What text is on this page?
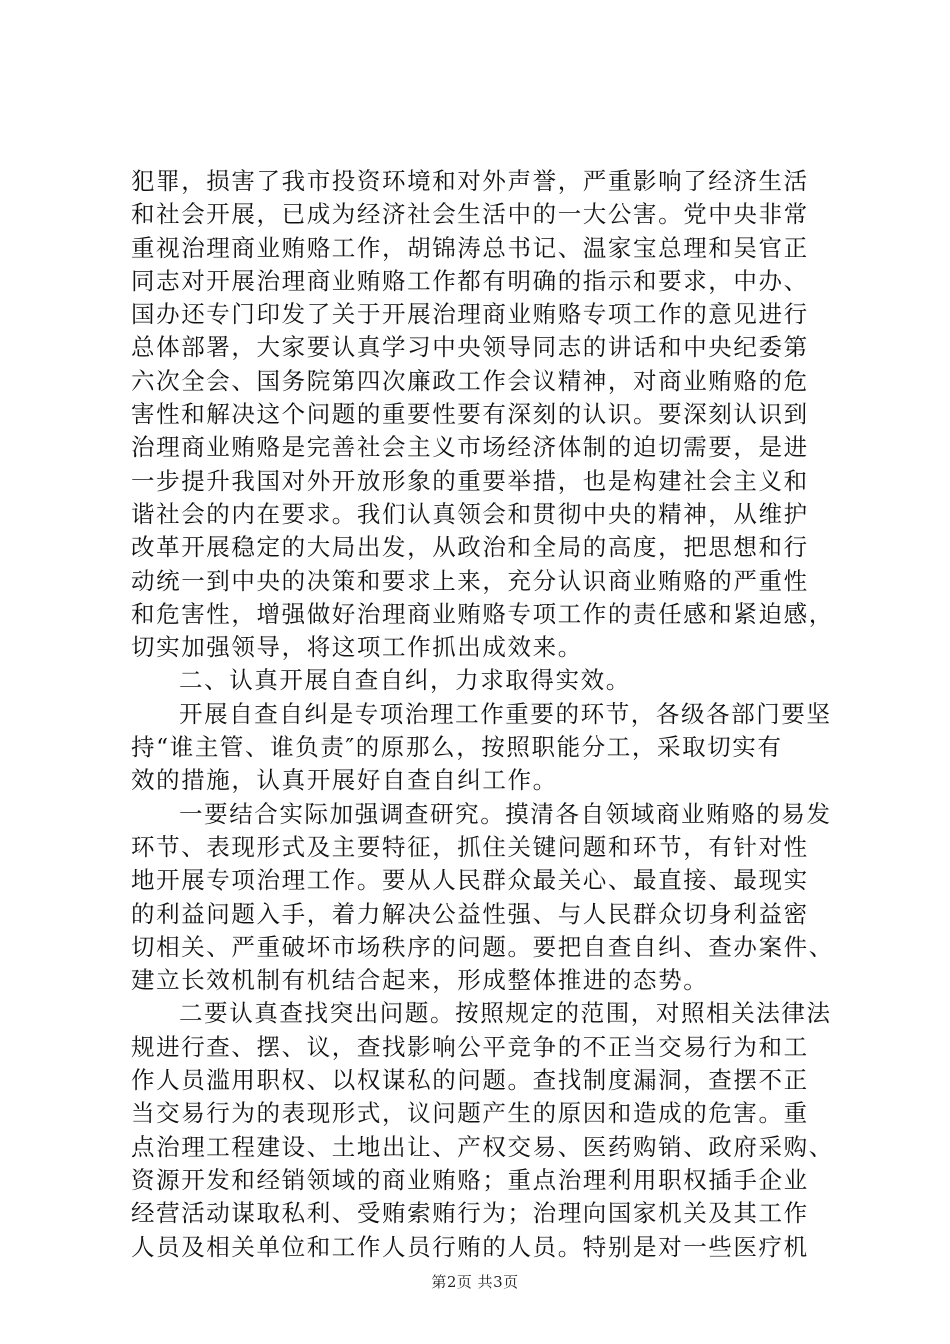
犯罪，损害了我市投资环境和对外声誉，严重影响了经济生活
和社会开展，已成为经济社会生活中的一大公害。党中央非常
重视治理商业贿赂工作，胡锦涛总书记、温家宝总理和吴官正
同志对开展治理商业贿赂工作都有明确的指示和要求，中办、
国办还专门印发了关于开展治理商业贿赂专项工作的意见进行
总体部署，大家要认真学习中央领导同志的讲话和中央纪委第
六次全会、国务院第四次廉政工作会议精神，对商业贿赂的危
害性和解决这个问题的重要性要有深刻的认识。要深刻认识到
治理商业贿赂是完善社会主义市场经济体制的迫切需要，是进
一步提升我国对外开放形象的重要举措，也是构建社会主义和
谐社会的内在要求。我们认真领会和贯彻中央的精神，从维护
改革开展稳定的大局出发，从政治和全局的高度，把思想和行
动统一到中央的决策和要求上来，充分认识商业贿赂的严重性
和危害性，增强做好治理商业贿赂专项工作的责任感和紧迫感，
切实加强领导，将这项工作抓出成效来。
二、认真开展自查自纠，力求取得实效。
开展自查自纠是专项治理工作重要的环节，各级各部门要坚
持“谁主管、谁负责″的原那么，按照职能分工，采取切实有
效的措施，认真开展好自查自纠工作。
一要结合实际加强调查研究。摸清各自领域商业贿赂的易发
环节、表现形式及主要特征，抓住关键问题和环节，有针对性
地开展专项治理工作。要从人民群众最关心、最直接、最现实
的利益问题入手，着力解决公益性强、与人民群众切身利益密
切相关、严重破坏市场秩序的问题。要把自查自纠、查办案件、
建立长效机制有机结合起来，形成整体推进的态势。
二要认真查找突出问题。按照规定的范围，对照相关法律法
规进行查、摆、议，查找影响公平竞争的不正当交易行为和工
作人员滥用职权、以权谋私的问题。查找制度漏洞，查摆不正
当交易行为的表现形式，议问题产生的原因和造成的危害。重
点治理工程建设、土地出让、产权交易、医药购销、政府采购、
资源开发和经销领域的商业贿赂；重点治理利用职权插手企业
经营活动谋取私利、受贿索贿行为；治理向国家机关及其工作
人员及相关单位和工作人员行贿的人员。特别是对一些医疗机
第2页 共3页
